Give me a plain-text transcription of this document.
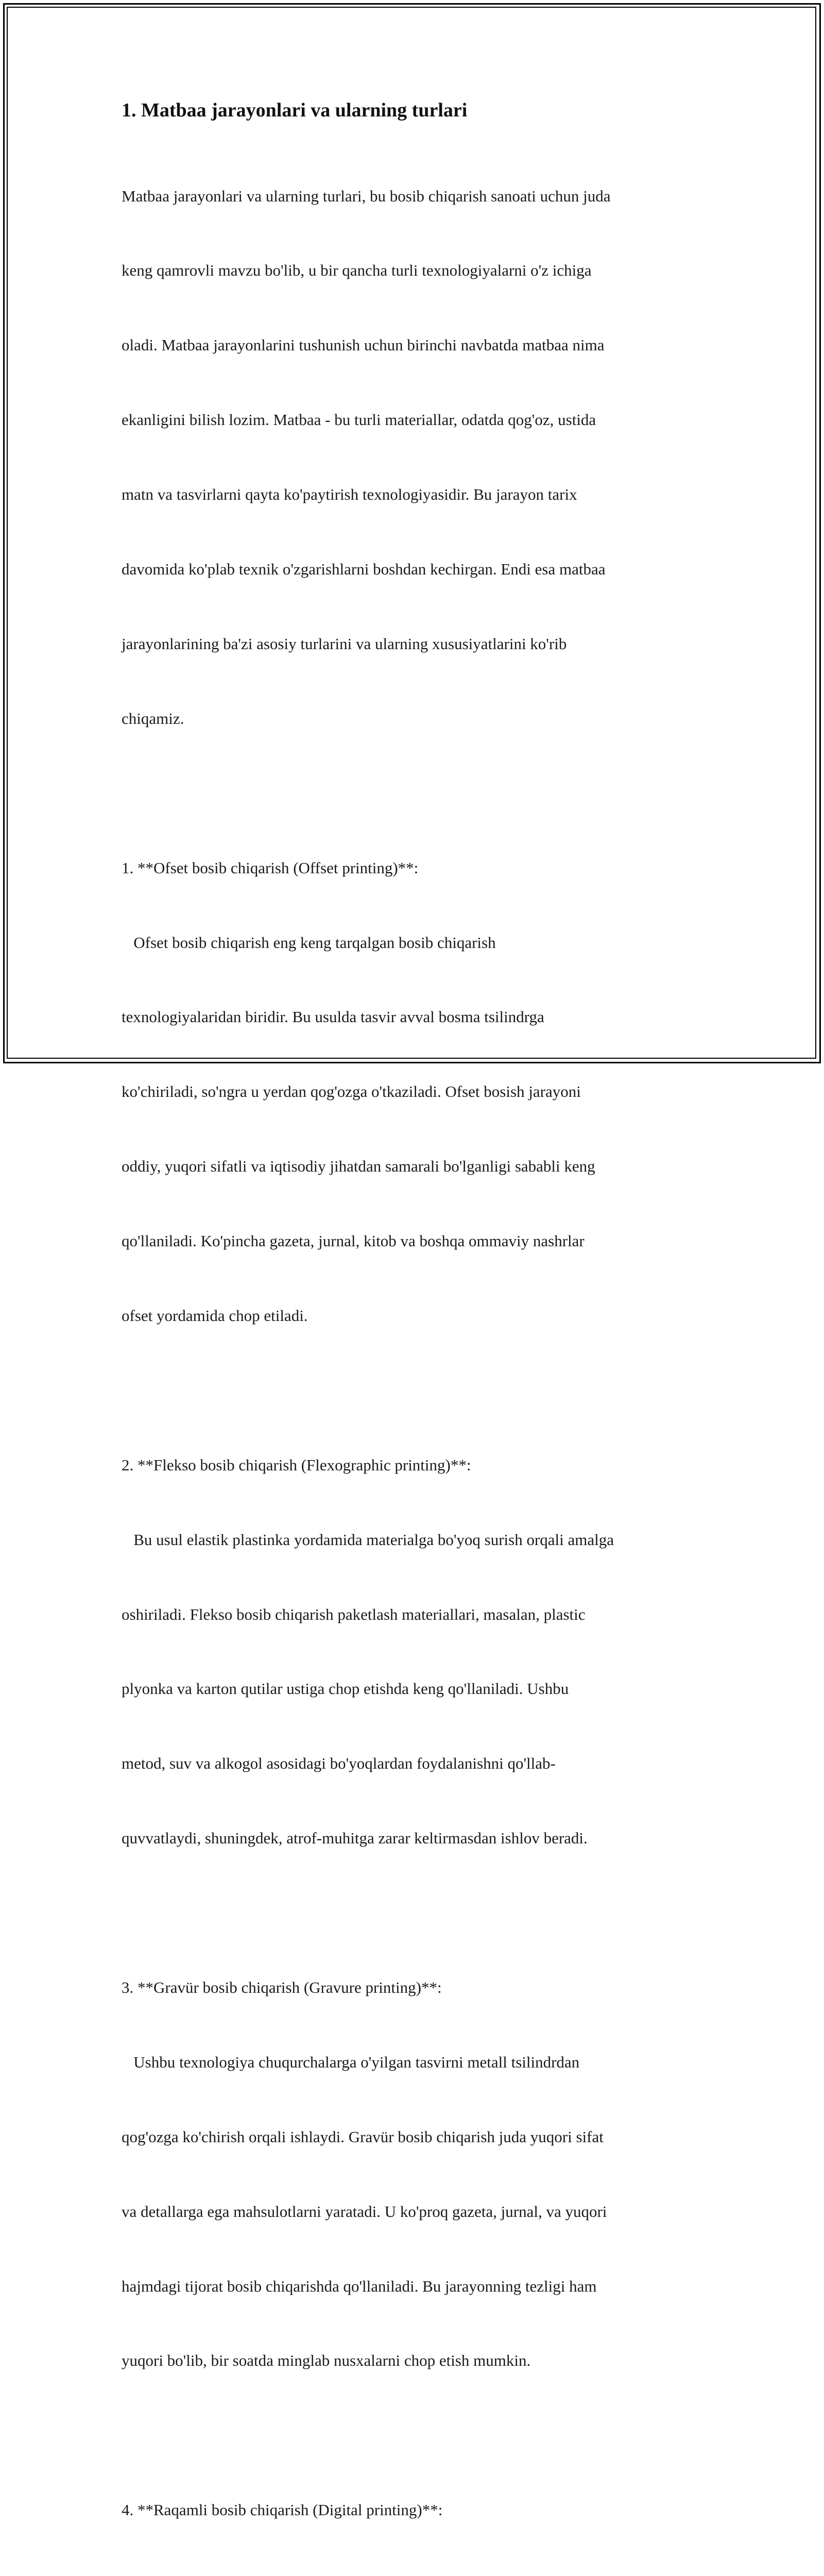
1. Matbaa jarayonlari va ularning turlari

Matbaa jarayonlari va ularning turlari, bu bosib chiqarish sanoati uchun juda

keng qamrovli mavzu bo'lib, u bir qancha turli texnologiyalarni o'z ichiga

oladi. Matbaa jarayonlarini tushunish uchun birinchi navbatda matbaa nima

ekanligini bilish lozim. Matbaa - bu turli materiallar, odatda qog'oz, ustida

matn va tasvirlarni qayta ko'paytirish texnologiyasidir. Bu jarayon tarix

davomida ko'plab texnik o'zgarishlarni boshdan kechirgan. Endi esa matbaa

jarayonlarining ba'zi asosiy turlarini va ularning xususiyatlarini ko'rib

chiqamiz.

1. **Ofset bosib chiqarish (Offset printing)**:

Ofset bosib chiqarish eng keng tarqalgan bosib chiqarish

texnologiyalaridan biridir. Bu usulda tasvir avval bosma tsilindrga

ko'chiriladi, so'ngra u yerdan qog'ozga o'tkaziladi. Ofset bosish jarayoni

oddiy, yuqori sifatli va iqtisodiy jihatdan samarali bo'lganligi sababli keng

qo'llaniladi. Ko'pincha gazeta, jurnal, kitob va boshqa ommaviy nashrlar

ofset yordamida chop etiladi.

2. **Flekso bosib chiqarish (Flexographic printing)**:

Bu usul elastik plastinka yordamida materialga bo'yoq surish orqali amalga

oshiriladi. Flekso bosib chiqarish paketlash materiallari, masalan, plastic

plyonka va karton qutilar ustiga chop etishda keng qo'llaniladi. Ushbu

metod, suv va alkogol asosidagi bo'yoqlardan foydalanishni qo'llab-

quvvatlaydi, shuningdek, atrof-muhitga zarar keltirmasdan ishlov beradi.

3. **Gravür bosib chiqarish (Gravure printing)**:

Ushbu texnologiya chuqurchalarga o'yilgan tasvirni metall tsilindrdan

qog'ozga ko'chirish orqali ishlaydi. Gravür bosib chiqarish juda yuqori sifat

va detallarga ega mahsulotlarni yaratadi. U ko'proq gazeta, jurnal, va yuqori

hajmdagi tijorat bosib chiqarishda qo'llaniladi. Bu jarayonning tezligi ham

yuqori bo'lib, bir soatda minglab nusxalarni chop etish mumkin.

4. **Raqamli bosib chiqarish (Digital printing)**:
